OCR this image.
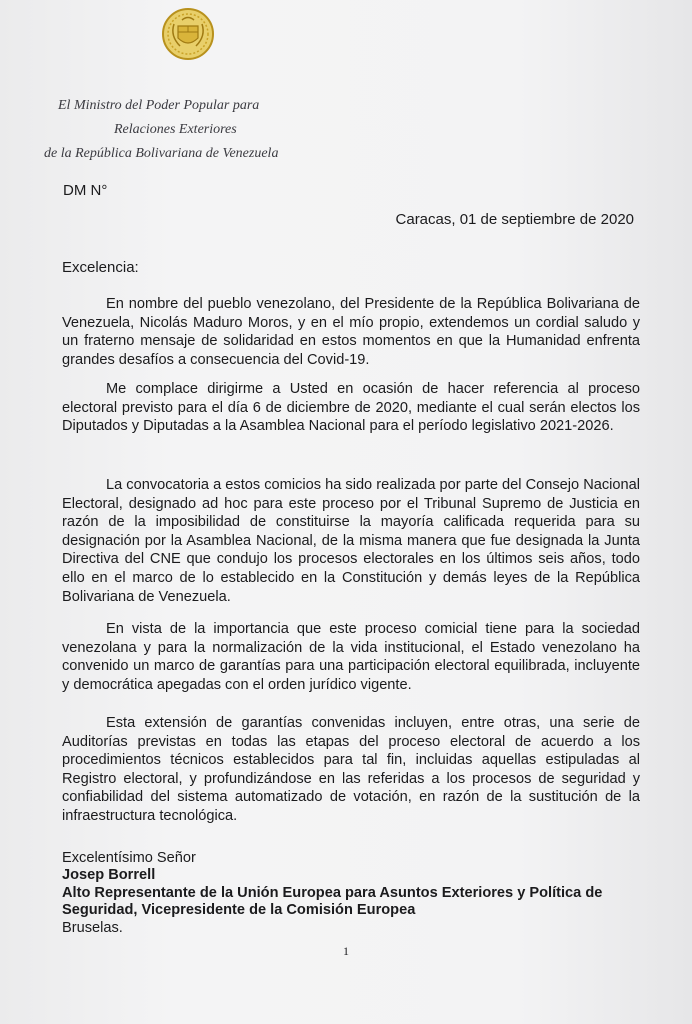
El Ministro del Poder Popular para
Relaciones Exteriores
de la República Bolivariana de Venezuela
DM N°
Caracas, 01 de septiembre de 2020
Excelencia:

En nombre del pueblo venezolano, del Presidente de la República Bolivariana de Venezuela, Nicolás Maduro Moros, y en el mío propio, extendemos un cordial saludo y un fraterno mensaje de solidaridad en estos momentos en que la Humanidad enfrenta grandes desafíos a consecuencia del Covid-19.

Me complace dirigirme a Usted en ocasión de hacer referencia al proceso electoral previsto para el día 6 de diciembre de 2020, mediante el cual serán electos los Diputados y Diputadas a la Asamblea Nacional para el período legislativo 2021-2026.

La convocatoria a estos comicios ha sido realizada por parte del Consejo Nacional Electoral, designado ad hoc para este proceso por el Tribunal Supremo de Justicia en razón de la imposibilidad de constituirse la mayoría calificada requerida para su designación por la Asamblea Nacional, de la misma manera que fue designada la Junta Directiva del CNE que condujo los procesos electorales en los últimos seis años, todo ello en el marco de lo establecido en la Constitución y demás leyes de la República Bolivariana de Venezuela.

En vista de la importancia que este proceso comicial tiene para la sociedad venezolana y para la normalización de la vida institucional, el Estado venezolano ha convenido un marco de garantías para una participación electoral equilibrada, incluyente y democrática apegadas con el orden jurídico vigente.

Esta extensión de garantías convenidas incluyen, entre otras, una serie de Auditorías previstas en todas las etapas del proceso electoral de acuerdo a los procedimientos técnicos establecidos para tal fin, incluidas aquellas estipuladas al Registro electoral, y profundizándose en las referidas a los procesos de seguridad y confiabilidad del sistema automatizado de votación, en razón de la sustitución de la infraestructura tecnológica.

Excelentísimo Señor
Josep Borrell
Alto Representante de la Unión Europea para Asuntos Exteriores y Política de Seguridad, Vicepresidente de la Comisión Europea
Bruselas.
1
